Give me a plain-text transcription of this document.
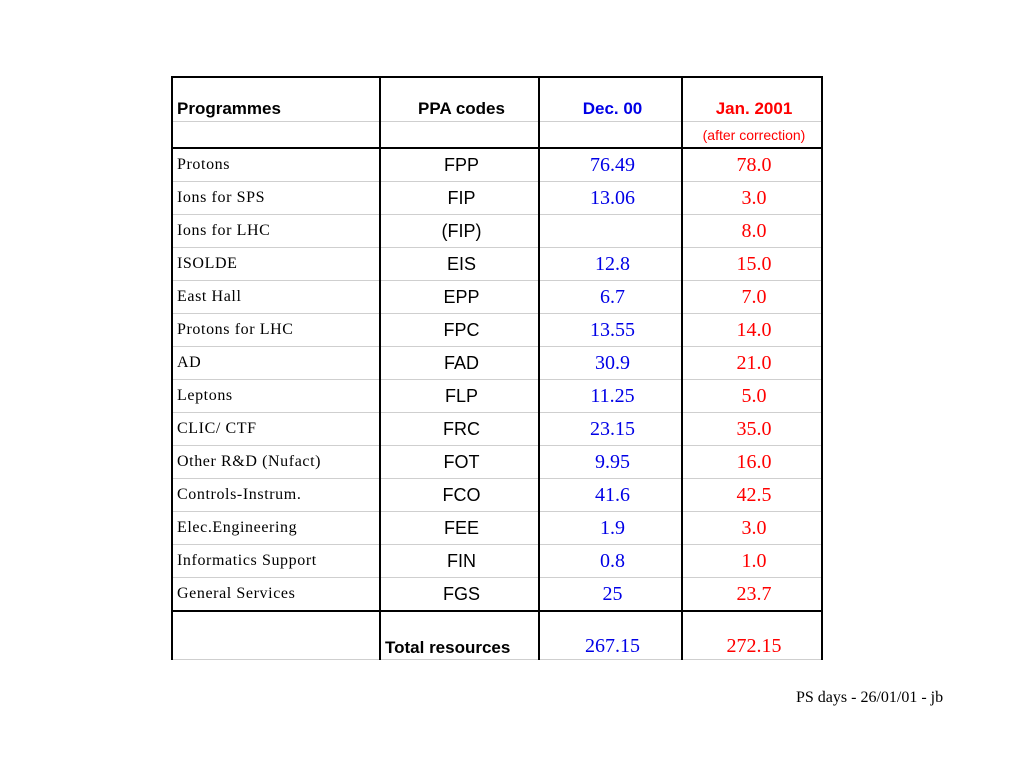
Programmes	PPA codes	Dec. 00	Jan. 2001
			(after correction)
Protons	FPP	76.49	78.0
Ions for SPS	FIP	13.06	3.0
Ions for LHC	(FIP)		8.0
ISOLDE	EIS	12.8	15.0
East Hall	EPP	6.7	7.0
Protons for LHC	FPC	13.55	14.0
AD	FAD	30.9	21.0
Leptons	FLP	11.25	5.0
CLIC/ CTF	FRC	23.15	35.0
Other R&D (Nufact)	FOT	9.95	16.0
Controls-Instrum.	FCO	41.6	42.5
Elec.Engineering	FEE	1.9	3.0
Informatics Support	FIN	0.8	1.0
General Services	FGS	25	23.7
	Total resources	267.15	272.15
PS days - 26/01/01 - jb
